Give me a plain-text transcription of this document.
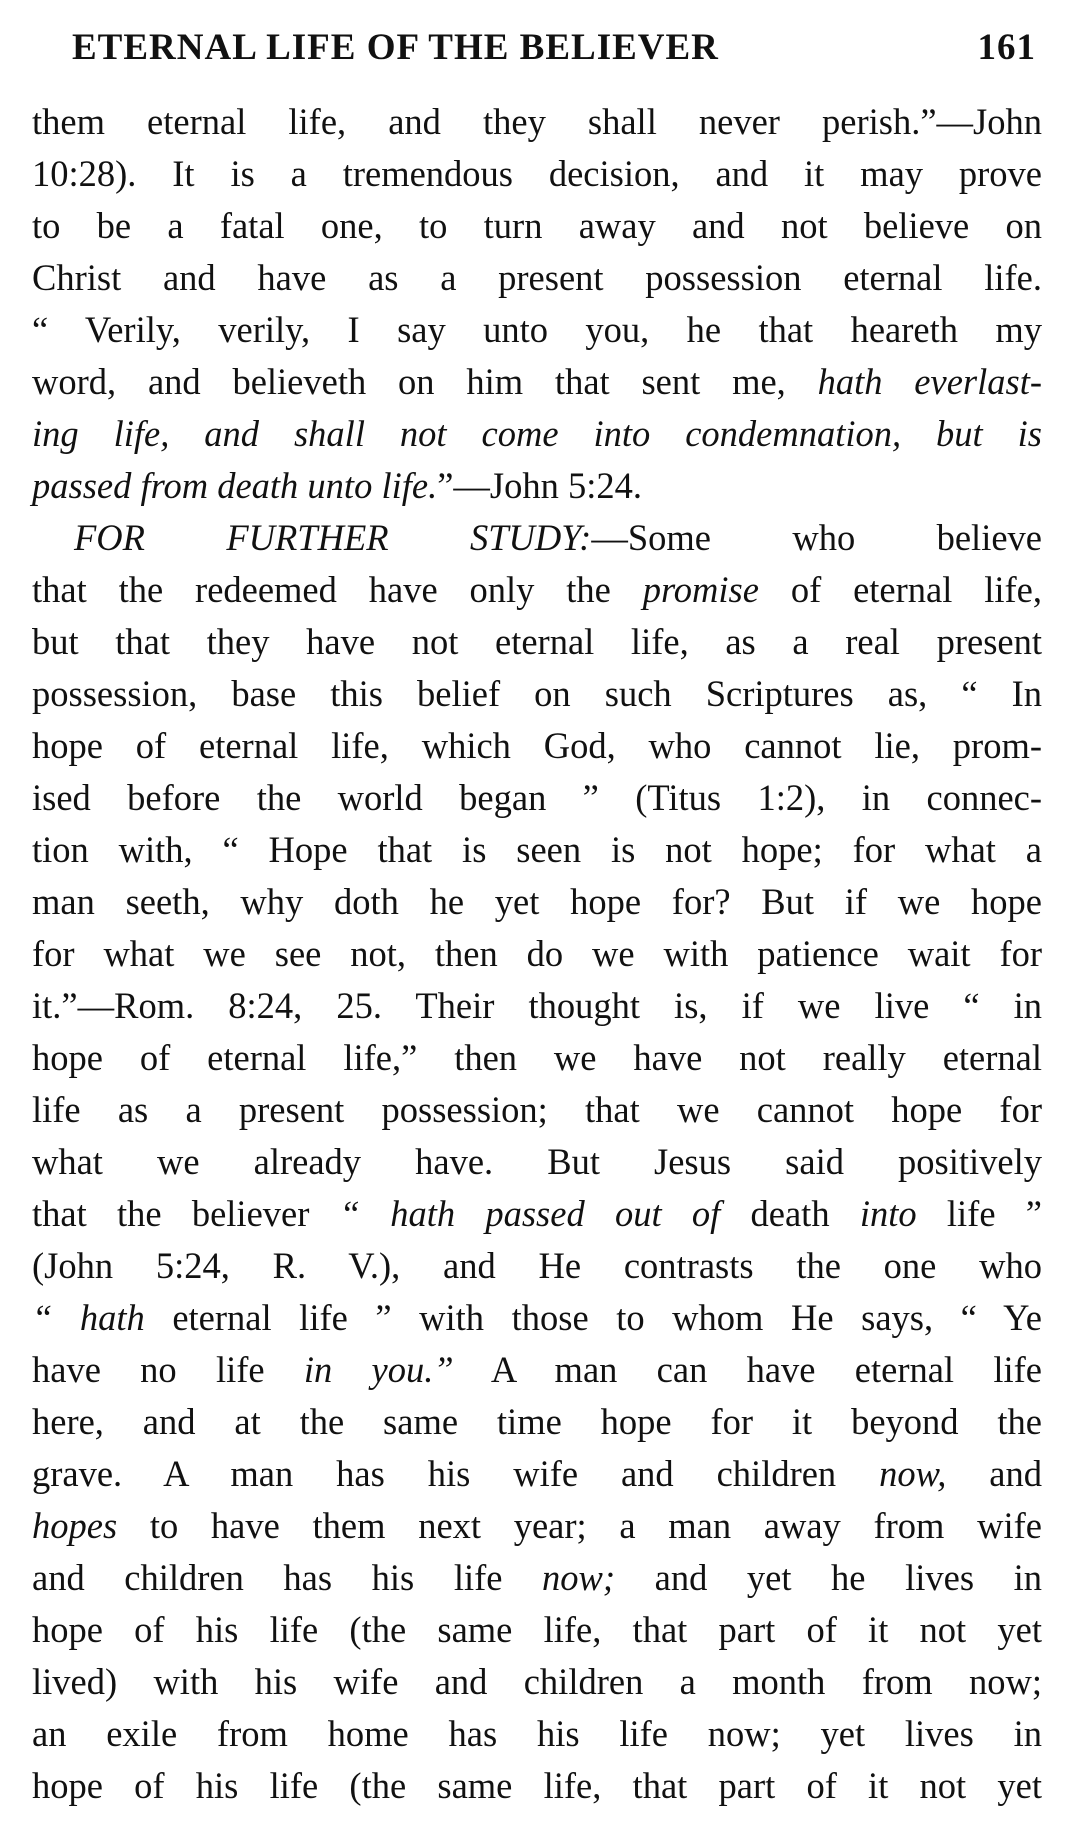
ETERNAL LIFE OF THE BELIEVER	161
them eternal life, and they shall never perish.”—John
10:28). It is a tremendous decision, and it may prove
to be a fatal one, to turn away and not believe on
Christ and have as a present possession eternal life.
“ Verily, verily, I say unto you, he that heareth my
word, and believeth on him that sent me, hath everlast-
ing life, and shall not come into condemnation, but is
passed from death unto life.”—John 5:24.
FOR FURTHER STUDY:—Some who believe
that the redeemed have only the promise of eternal life,
but that they have not eternal life, as a real present
possession, base this belief on such Scriptures as, “ In
hope of eternal life, which God, who cannot lie, prom-
ised before the world began ” (Titus 1:2), in connec-
tion with, “ Hope that is seen is not hope; for what a
man seeth, why doth he yet hope for? But if we hope
for what we see not, then do we with patience wait for
it.”—Rom. 8:24, 25. Their thought is, if we live “ in
hope of eternal life,” then we have not really eternal
life as a present possession; that we cannot hope for
what we already have. But Jesus said positively
that the believer “ hath passed out of death into life ”
(John 5:24, R. V.), and He contrasts the one who
“ hath eternal life ” with those to whom He says, “ Ye
have no life in you.” A man can have eternal life
here, and at the same time hope for it beyond the
grave. A man has his wife and children now, and
hopes to have them next year; a man away from wife
and children has his life now; and yet he lives in
hope of his life (the same life, that part of it not yet
lived) with his wife and children a month from now;
an exile from home has his life now; yet lives in
hope of his life (the same life, that part of it not yet
